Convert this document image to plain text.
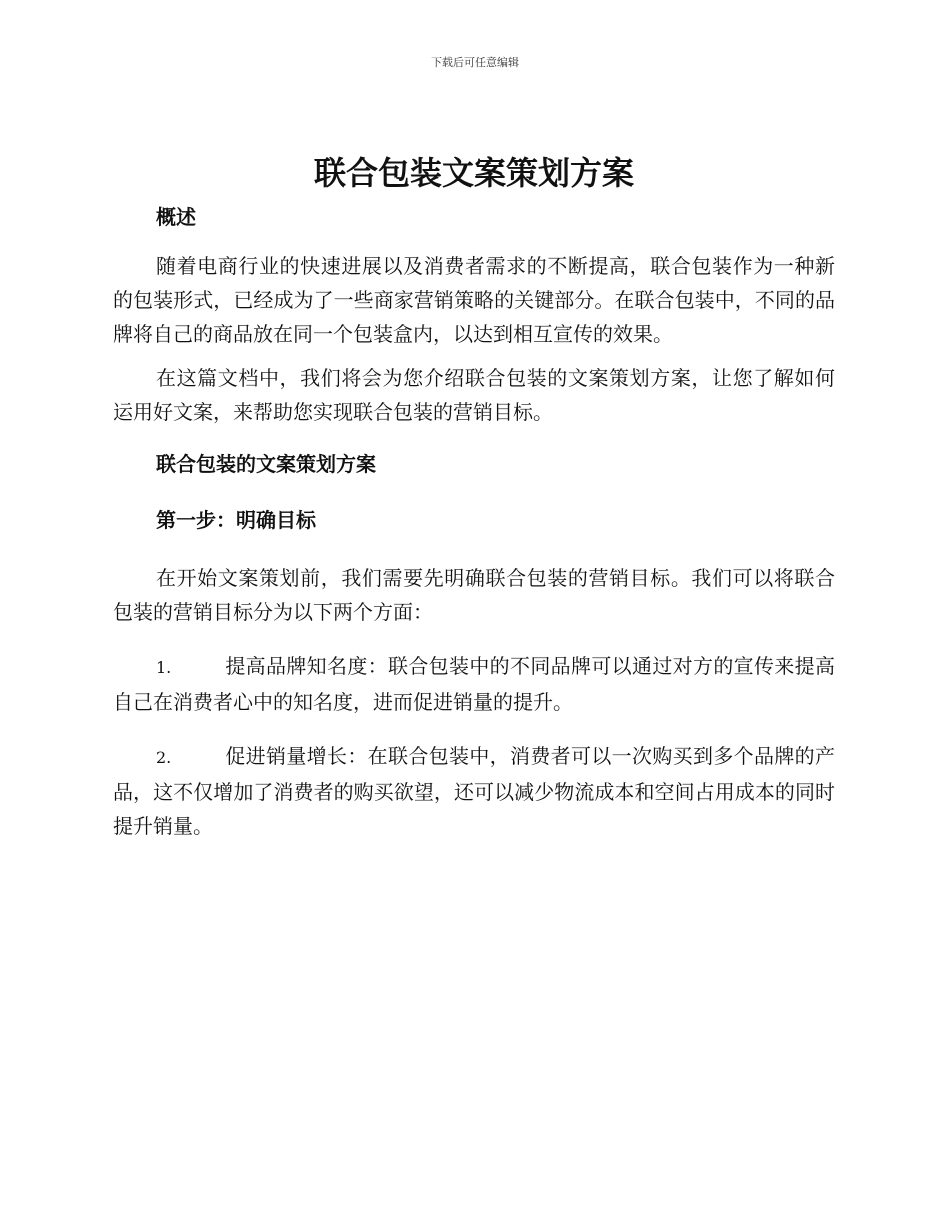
下载后可任意编辑
联合包装文案策划方案

概述

随着电商行业的快速进展以及消费者需求的不断提高，联合包装作为一种新的包装形式，已经成为了一些商家营销策略的关键部分。在联合包装中，不同的品牌将自己的商品放在同一个包装盒内，以达到相互宣传的效果。

在这篇文档中，我们将会为您介绍联合包装的文案策划方案，让您了解如何运用好文案，来帮助您实现联合包装的营销目标。

联合包装的文案策划方案

第一步：明确目标

在开始文案策划前，我们需要先明确联合包装的营销目标。我们可以将联合包装的营销目标分为以下两个方面：

1.	提高品牌知名度：联合包装中的不同品牌可以通过对方的宣传来提高自己在消费者心中的知名度，进而促进销量的提升。

2.	促进销量增长：在联合包装中，消费者可以一次购买到多个品牌的产品，这不仅增加了消费者的购买欲望，还可以减少物流成本和空间占用成本的同时提升销量。
